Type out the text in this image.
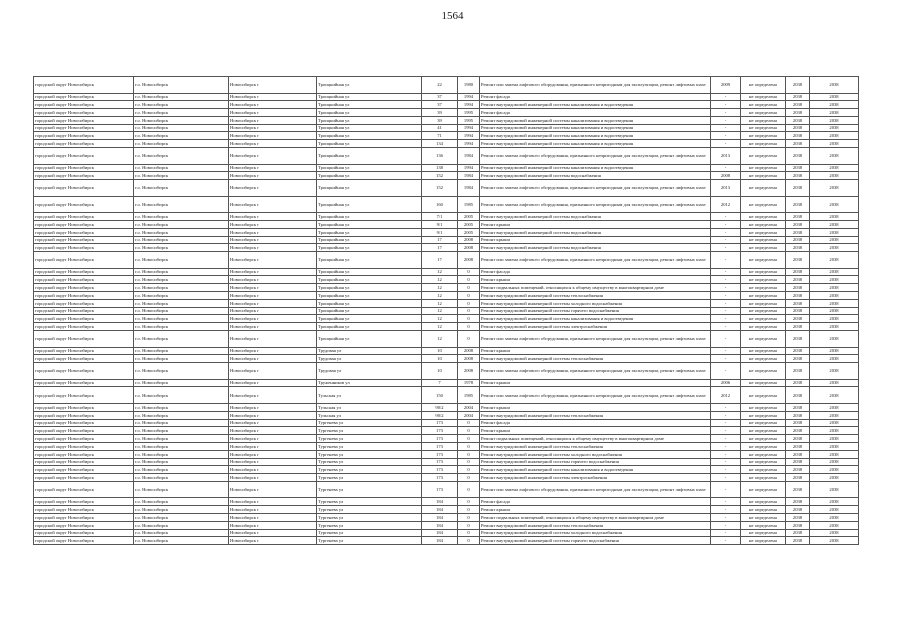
1564
городской округ Новосибирск	г.о. Новосибирск	Новосибирск г	Троицкийная ул	22	1980	Ремонт или замена лифтового оборудования, признанного непригодным для эксплуатации, ремонт лифтовых шахт	2009	не определена	2038	2038
городской округ Новосибирск	г.о. Новосибирск	Новосибирск г	Троицкийная ул	37	1994	Ремонт фасада	-	не определена	2038	2038
городской округ Новосибирск	г.о. Новосибирск	Новосибирск г	Троицкийная ул	37	1994	Ремонт внутридомовой инженерной системы канализования и водоотведения	-	не определена	2038	2038
городской округ Новосибирск	г.о. Новосибирск	Новосибирск г	Троицкийная ул	39	1995	Ремонт фасада	-	не определена	2038	2038
городской округ Новосибирск	г.о. Новосибирск	Новосибирск г	Троицкийная ул	39	1995	Ремонт внутридомовой инженерной системы канализования и водоотведения	-	не определена	2038	2038
городской округ Новосибирск	г.о. Новосибирск	Новосибирск г	Троицкийная ул	41	1994	Ремонт внутридомовой инженерной системы канализования и водоотведения	-	не определена	2038	2038
городской округ Новосибирск	г.о. Новосибирск	Новосибирск г	Троицкийная ул	71	1994	Ремонт внутридомовой инженерной системы канализования и водоотведения	-	не определена	2038	2038
городской округ Новосибирск	г.о. Новосибирск	Новосибирск г	Троицкийная ул	134	1994	Ремонт внутридомовой инженерной системы канализования и водоотведения	-	не определена	2038	2038
городской округ Новосибирск	г.о. Новосибирск	Новосибирск г	Троицкийная ул	136	1984	Ремонт или замена лифтового оборудования, признанного непригодным для эксплуатации, ремонт лифтовых шахт	2013	не определена	2038	2038
городской округ Новосибирск	г.о. Новосибирск	Новосибирск г	Троицкийная ул	138	1994	Ремонт внутридомовой инженерной системы канализования и водоотведения	-	не определена	2038	2038
городской округ Новосибирск	г.о. Новосибирск	Новосибирск г	Троицкийная ул	152	1984	Ремонт внутридомовой инженерной системы водоснабжения	2008	не определена	2038	2038
городской округ Новосибирск	г.о. Новосибирск	Новосибирск г	Троицкийная ул	152	1984	Ремонт или замена лифтового оборудования, признанного непригодным для эксплуатации, ремонт лифтовых шахт	2013	не определена	2038	2038
городской округ Новосибирск	г.о. Новосибирск	Новосибирск г	Троицкийная ул	160	1985	Ремонт или замена лифтового оборудования, признанного непригодным для эксплуатации, ремонт лифтовых шахт	2012	не определена	2038	2038
городской округ Новосибирск	г.о. Новосибирск	Новосибирск г	Троицкийная ул	7/1	2005	Ремонт внутридомовой инженерной системы водоснабжения	-	не определена	2038	2038
городской округ Новосибирск	г.о. Новосибирск	Новосибирск г	Троицкийная ул	9/1	2005	Ремонт крыши	-	не определена	2038	2038
городской округ Новосибирск	г.о. Новосибирск	Новосибирск г	Троицкийная ул	9/1	2005	Ремонт внутридомовой инженерной системы водоснабжения	-	не определена	2038	2038
городской округ Новосибирск	г.о. Новосибирск	Новосибирск г	Троицкийная ул	17	2008	Ремонт крыши	-	не определена	2038	2038
городской округ Новосибирск	г.о. Новосибирск	Новосибирск г	Троицкийная ул	17	2008	Ремонт внутридомовой инженерной системы водоснабжения	-	не определена	2038	2038
городской округ Новосибирск	г.о. Новосибирск	Новосибирск г	Троицкийная ул	17	2008	Ремонт или замена лифтового оборудования, признанного непригодным для эксплуатации, ремонт лифтовых шахт	-	не определена	2038	2038
городской округ Новосибирск	г.о. Новосибирск	Новосибирск г	Троицкийная ул	12	0	Ремонт фасада	-	не определена	2038	2038
городской округ Новосибирск	г.о. Новосибирск	Новосибирск г	Троицкийная ул	12	0	Ремонт крыши	-	не определена	2038	2038
городской округ Новосибирск	г.о. Новосибирск	Новосибирск г	Троицкийная ул	12	0	Ремонт подвальных помещений, относящихся к общему имуществу в многоквартирном доме	-	не определена	2038	2038
городской округ Новосибирск	г.о. Новосибирск	Новосибирск г	Троицкийная ул	12	0	Ремонт внутридомовой инженерной системы теплоснабжения	-	не определена	2038	2038
городской округ Новосибирск	г.о. Новосибирск	Новосибирск г	Троицкийная ул	12	0	Ремонт внутридомовой инженерной системы холодного водоснабжения	-	не определена	2038	2038
городской округ Новосибирск	г.о. Новосибирск	Новосибирск г	Троицкийная ул	12	0	Ремонт внутридомовой инженерной системы горячего водоснабжения	-	не определена	2038	2038
городской округ Новосибирск	г.о. Новосибирск	Новосибирск г	Троицкийная ул	12	0	Ремонт внутридомовой инженерной системы канализования и водоотведения	-	не определена	2038	2038
городской округ Новосибирск	г.о. Новосибирск	Новосибирск г	Троицкийная ул	12	0	Ремонт внутридомовой инженерной системы электроснабжения	-	не определена	2038	2038
городской округ Новосибирск	г.о. Новосибирск	Новосибирск г	Троицкийная ул	12	0	Ремонт или замена лифтового оборудования, признанного непригодным для эксплуатации, ремонт лифтовых шахт	-	не определена	2038	2038
городской округ Новосибирск	г.о. Новосибирск	Новосибирск г	Трудовая ул	10	2008	Ремонт крыши	-	не определена	2038	2038
городской округ Новосибирск	г.о. Новосибирск	Новосибирск г	Трудовая ул	10	2008	Ремонт внутридомовой инженерной системы теплоснабжения	-	не определена	2038	2038
городской округ Новосибирск	г.о. Новосибирск	Новосибирск г	Трудовая ул	10	2008	Ремонт или замена лифтового оборудования, признанного непригодным для эксплуатации, ремонт лифтовых шахт	-	не определена	2038	2038
городской округ Новосибирск	г.о. Новосибирск	Новосибирск г	Труженников ул	7	1978	Ремонт крыши	2006	не определена	2038	2038
городской округ Новосибирск	г.о. Новосибирск	Новосибирск г	Тульская ул	150	1985	Ремонт или замена лифтового оборудования, признанного непригодным для эксплуатации, ремонт лифтовых шахт	2012	не определена	2038	2038
городской округ Новосибирск	г.о. Новосибирск	Новосибирск г	Тульская ул	90/2	2004	Ремонт крыши	-	не определена	2038	2038
городской округ Новосибирск	г.о. Новосибирск	Новосибирск г	Тульская ул	90/2	2004	Ремонт внутридомовой инженерной системы теплоснабжения	-	не определена	2038	2038
городской округ Новосибирск	г.о. Новосибирск	Новосибирск г	Тургенева ул	173	0	Ремонт фасада	-	не определена	2038	2038
городской округ Новосибирск	г.о. Новосибирск	Новосибирск г	Тургенева ул	173	0	Ремонт крыши	-	не определена	2038	2038
городской округ Новосибирск	г.о. Новосибирск	Новосибирск г	Тургенева ул	173	0	Ремонт подвальных помещений, относящихся к общему имуществу в многоквартирном доме	-	не определена	2038	2038
городской округ Новосибирск	г.о. Новосибирск	Новосибирск г	Тургенева ул	173	0	Ремонт внутридомовой инженерной системы теплоснабжения	-	не определена	2038	2038
городской округ Новосибирск	г.о. Новосибирск	Новосибирск г	Тургенева ул	173	0	Ремонт внутридомовой инженерной системы холодного водоснабжения	-	не определена	2038	2038
городской округ Новосибирск	г.о. Новосибирск	Новосибирск г	Тургенева ул	173	0	Ремонт внутридомовой инженерной системы горячего водоснабжения	-	не определена	2038	2038
городской округ Новосибирск	г.о. Новосибирск	Новосибирск г	Тургенева ул	173	0	Ремонт внутридомовой инженерной системы канализования и водоотведения	-	не определена	2038	2038
городской округ Новосибирск	г.о. Новосибирск	Новосибирск г	Тургенева ул	173	0	Ремонт внутридомовой инженерной системы электроснабжения	-	не определена	2038	2038
городской округ Новосибирск	г.о. Новосибирск	Новосибирск г	Тургенева ул	173	0	Ремонт или замена лифтового оборудования, признанного непригодным для эксплуатации, ремонт лифтовых шахт	-	не определена	2038	2038
городской округ Новосибирск	г.о. Новосибирск	Новосибирск г	Тургенева ул	184	0	Ремонт фасада	-	не определена	2038	2038
городской округ Новосибирск	г.о. Новосибирск	Новосибирск г	Тургенева ул	184	0	Ремонт крыши	-	не определена	2038	2038
городской округ Новосибирск	г.о. Новосибирск	Новосибирск г	Тургенева ул	184	0	Ремонт подвальных помещений, относящихся к общему имуществу в многоквартирном доме	-	не определена	2038	2038
городской округ Новосибирск	г.о. Новосибирск	Новосибирск г	Тургенева ул	184	0	Ремонт внутридомовой инженерной системы теплоснабжения	-	не определена	2038	2038
городской округ Новосибирск	г.о. Новосибирск	Новосибирск г	Тургенева ул	184	0	Ремонт внутридомовой инженерной системы холодного водоснабжения	-	не определена	2038	2038
городской округ Новосибирск	г.о. Новосибирск	Новосибирск г	Тургенева ул	184	0	Ремонт внутридомовой инженерной системы горячего водоснабжения	-	не определена	2038	2038
